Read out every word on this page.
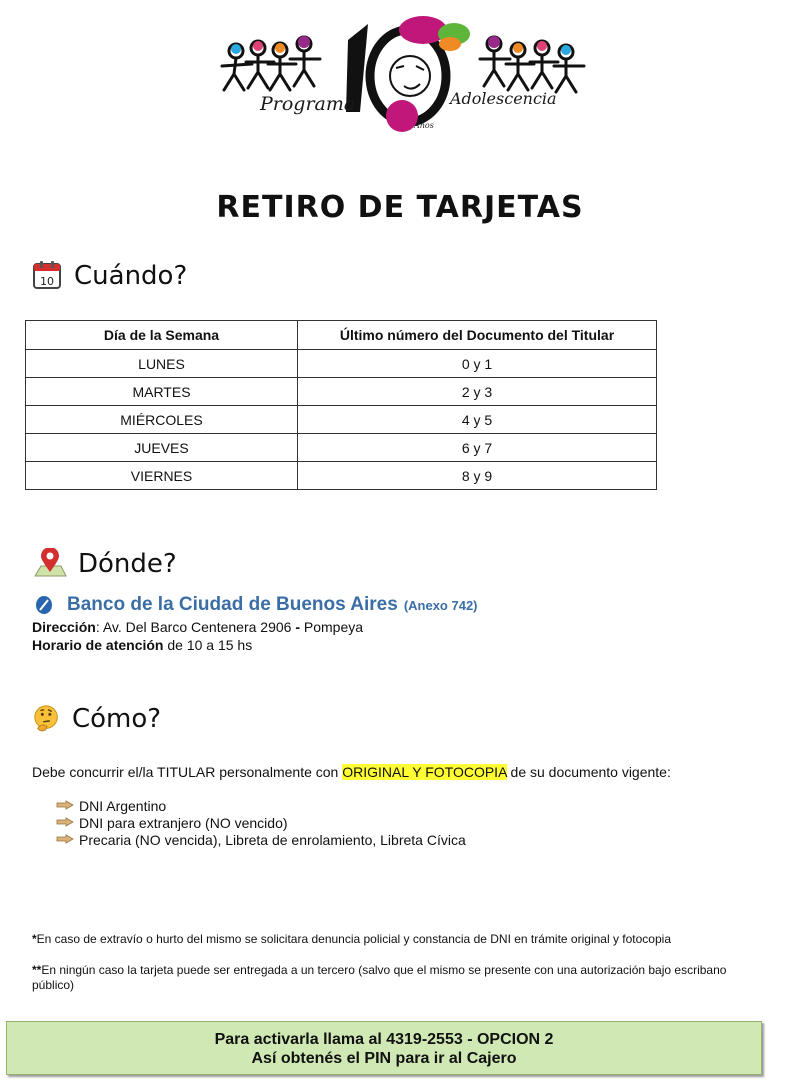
Programa	Adolescencia
Años
10
RETIRO DE TARJETAS
10 Cuándo?
Día de la Semana	Último número del Documento del Titular
LUNES	0 y 1
MARTES	2 y 3
MIÉRCOLES	4 y 5
JUEVES	6 y 7
VIERNES	8 y 9
Dónde?
Banco de la Ciudad de Buenos Aires (Anexo 742)
Dirección: Av. Del Barco Centenera 2906 - Pompeya
Horario de atención de 10 a 15 hs
Cómo?
Debe concurrir el/la TITULAR personalmente con ORIGINAL Y FOTOCOPIA de su documento vigente:
DNI Argentino
DNI para extranjero (NO vencido)
Precaria (NO vencida), Libreta de enrolamiento, Libreta Cívica
*En caso de extravío o hurto del mismo se solicitara denuncia policial y constancia de DNI en trámite original y fotocopia
**En ningún caso la tarjeta puede ser entregada a un tercero (salvo que el mismo se presente con una autorización bajo escribano público)
Para activarla llama al 4319-2553 - OPCION 2
Así obtenés el PIN para ir al Cajero
